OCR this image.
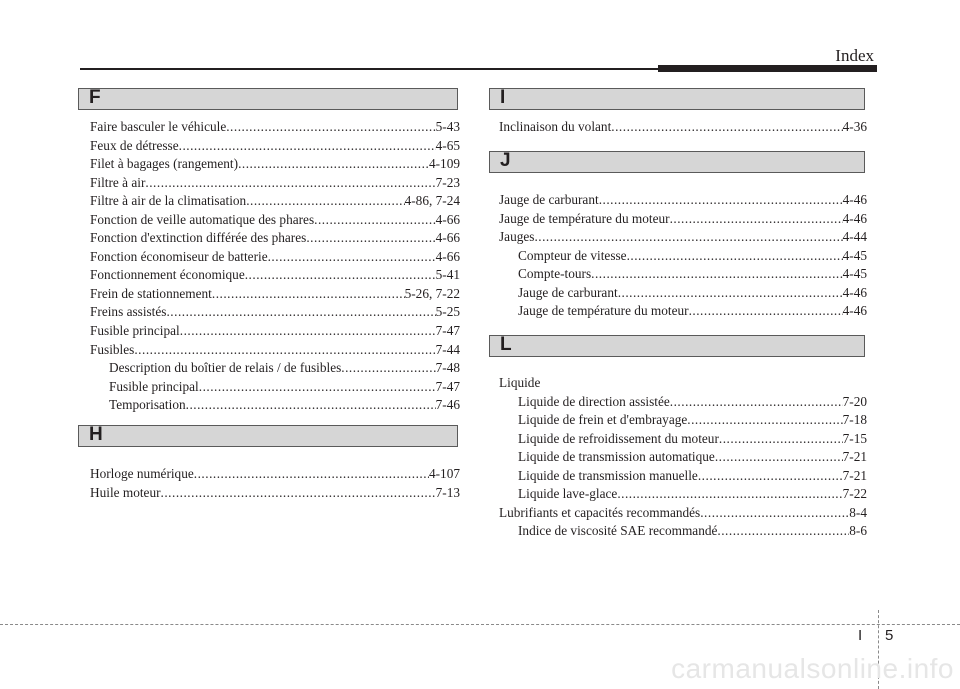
Index
F
Faire basculer le véhicule .....	5-43
Feux de détresse .....	4-65
Filet à bagages (rangement) .....	4-109
Filtre à air .....	7-23
Filtre à air de la climatisation .....	4-86, 7-24
Fonction de veille automatique des phares .....	4-66
Fonction d'extinction différée des phares .....	4-66
Fonction économiseur de batterie .....	4-66
Fonctionnement économique .....	5-41
Frein de stationnement .....	5-26, 7-22
Freins assistés .....	5-25
Fusible principal .....	7-47
Fusibles .....	7-44
Description du boîtier de relais / de fusibles .....	7-48
Fusible principal .....	7-47
Temporisation .....	7-46
H
Horloge numérique .....	4-107
Huile moteur .....	7-13
I
Inclinaison du volant .....	4-36
J
Jauge de carburant .....	4-46
Jauge de température du moteur .....	4-46
Jauges .....	4-44
Compteur de vitesse .....	4-45
Compte-tours .....	4-45
Jauge de carburant .....	4-46
Jauge de température du moteur .....	4-46
L
Liquide
Liquide de direction assistée .....	7-20
Liquide de frein et d'embrayage .....	7-18
Liquide de refroidissement du moteur .....	7-15
Liquide de transmission automatique .....	7-21
Liquide de transmission manuelle .....	7-21
Liquide lave-glace .....	7-22
Lubrifiants et capacités recommandés .....	8-4
Indice de viscosité SAE recommandé .....	8-6
I 5
carmanualsonline.info
